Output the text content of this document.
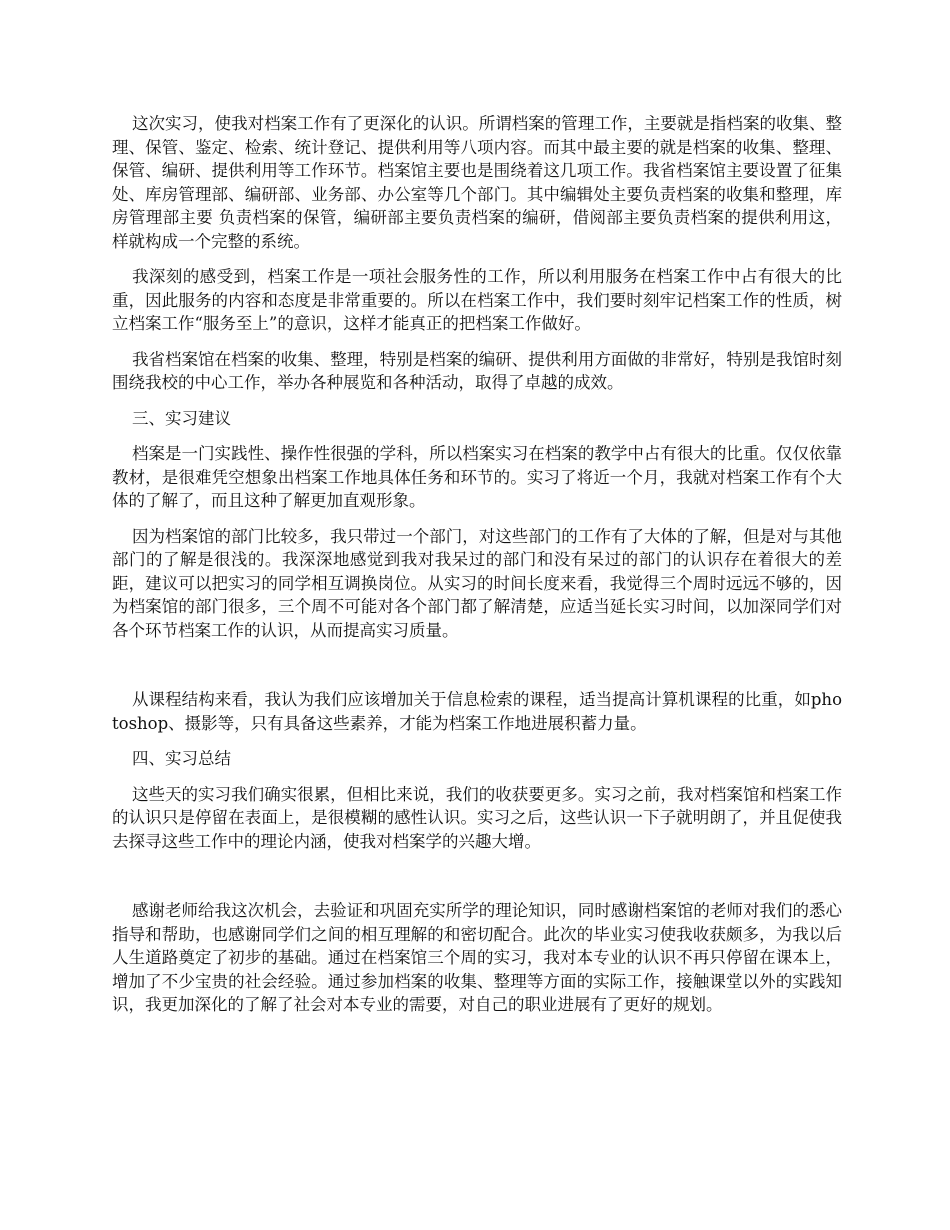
这次实习，使我对档案工作有了更深化的认识。所谓档案的管理工作，主要就是指档案的收集、整理、保管、鉴定、检索、统计登记、提供利用等八项内容。而其中最主要的就是档案的收集、整理、保管、编研、提供利用等工作环节。档案馆主要也是围绕着这几项工作。我省档案馆主要设置了征集处、库房管理部、编研部、业务部、办公室等几个部门。其中编辑处主要负责档案的收集和整理，库房管理部主要 负责档案的保管，编研部主要负责档案的编研，借阅部主要负责档案的提供利用这，样就构成一个完整的系统。

我深刻的感受到，档案工作是一项社会服务性的工作，所以利用服务在档案工作中占有很大的比重，因此服务的内容和态度是非常重要的。所以在档案工作中，我们要时刻牢记档案工作的性质，树立档案工作“服务至上”的意识，这样才能真正的把档案工作做好。

我省档案馆在档案的收集、整理，特别是档案的编研、提供利用方面做的非常好，特别是我馆时刻围绕我校的中心工作，举办各种展览和各种活动，取得了卓越的成效。

三、实习建议

档案是一门实践性、操作性很强的学科，所以档案实习在档案的教学中占有很大的比重。仅仅依靠教材，是很难凭空想象出档案工作地具体任务和环节的。实习了将近一个月，我就对档案工作有个大体的了解了，而且这种了解更加直观形象。

因为档案馆的部门比较多，我只带过一个部门，对这些部门的工作有了大体的了解，但是对与其他部门的了解是很浅的。我深深地感觉到我对我呆过的部门和没有呆过的部门的认识存在着很大的差距，建议可以把实习的同学相互调换岗位。从实习的时间长度来看，我觉得三个周时远远不够的，因为档案馆的部门很多，三个周不可能对各个部门都了解清楚，应适当延长实习时间，以加深同学们对各个环节档案工作的认识，从而提高实习质量。

从课程结构来看，我认为我们应该增加关于信息检索的课程，适当提高计算机课程的比重，如photoshop、摄影等，只有具备这些素养，才能为档案工作地进展积蓄力量。

四、实习总结

这些天的实习我们确实很累，但相比来说，我们的收获要更多。实习之前，我对档案馆和档案工作的认识只是停留在表面上，是很模糊的感性认识。实习之后，这些认识一下子就明朗了，并且促使我去探寻这些工作中的理论内涵，使我对档案学的兴趣大增。

感谢老师给我这次机会，去验证和巩固充实所学的理论知识，同时感谢档案馆的老师对我们的悉心指导和帮助，也感谢同学们之间的相互理解的和密切配合。此次的毕业实习使我收获颇多，为我以后人生道路奠定了初步的基础。通过在档案馆三个周的实习，我对本专业的认识不再只停留在课本上，增加了不少宝贵的社会经验。通过参加档案的收集、整理等方面的实际工作，接触课堂以外的实践知识，我更加深化的了解了社会对本专业的需要，对自己的职业进展有了更好的规划。
